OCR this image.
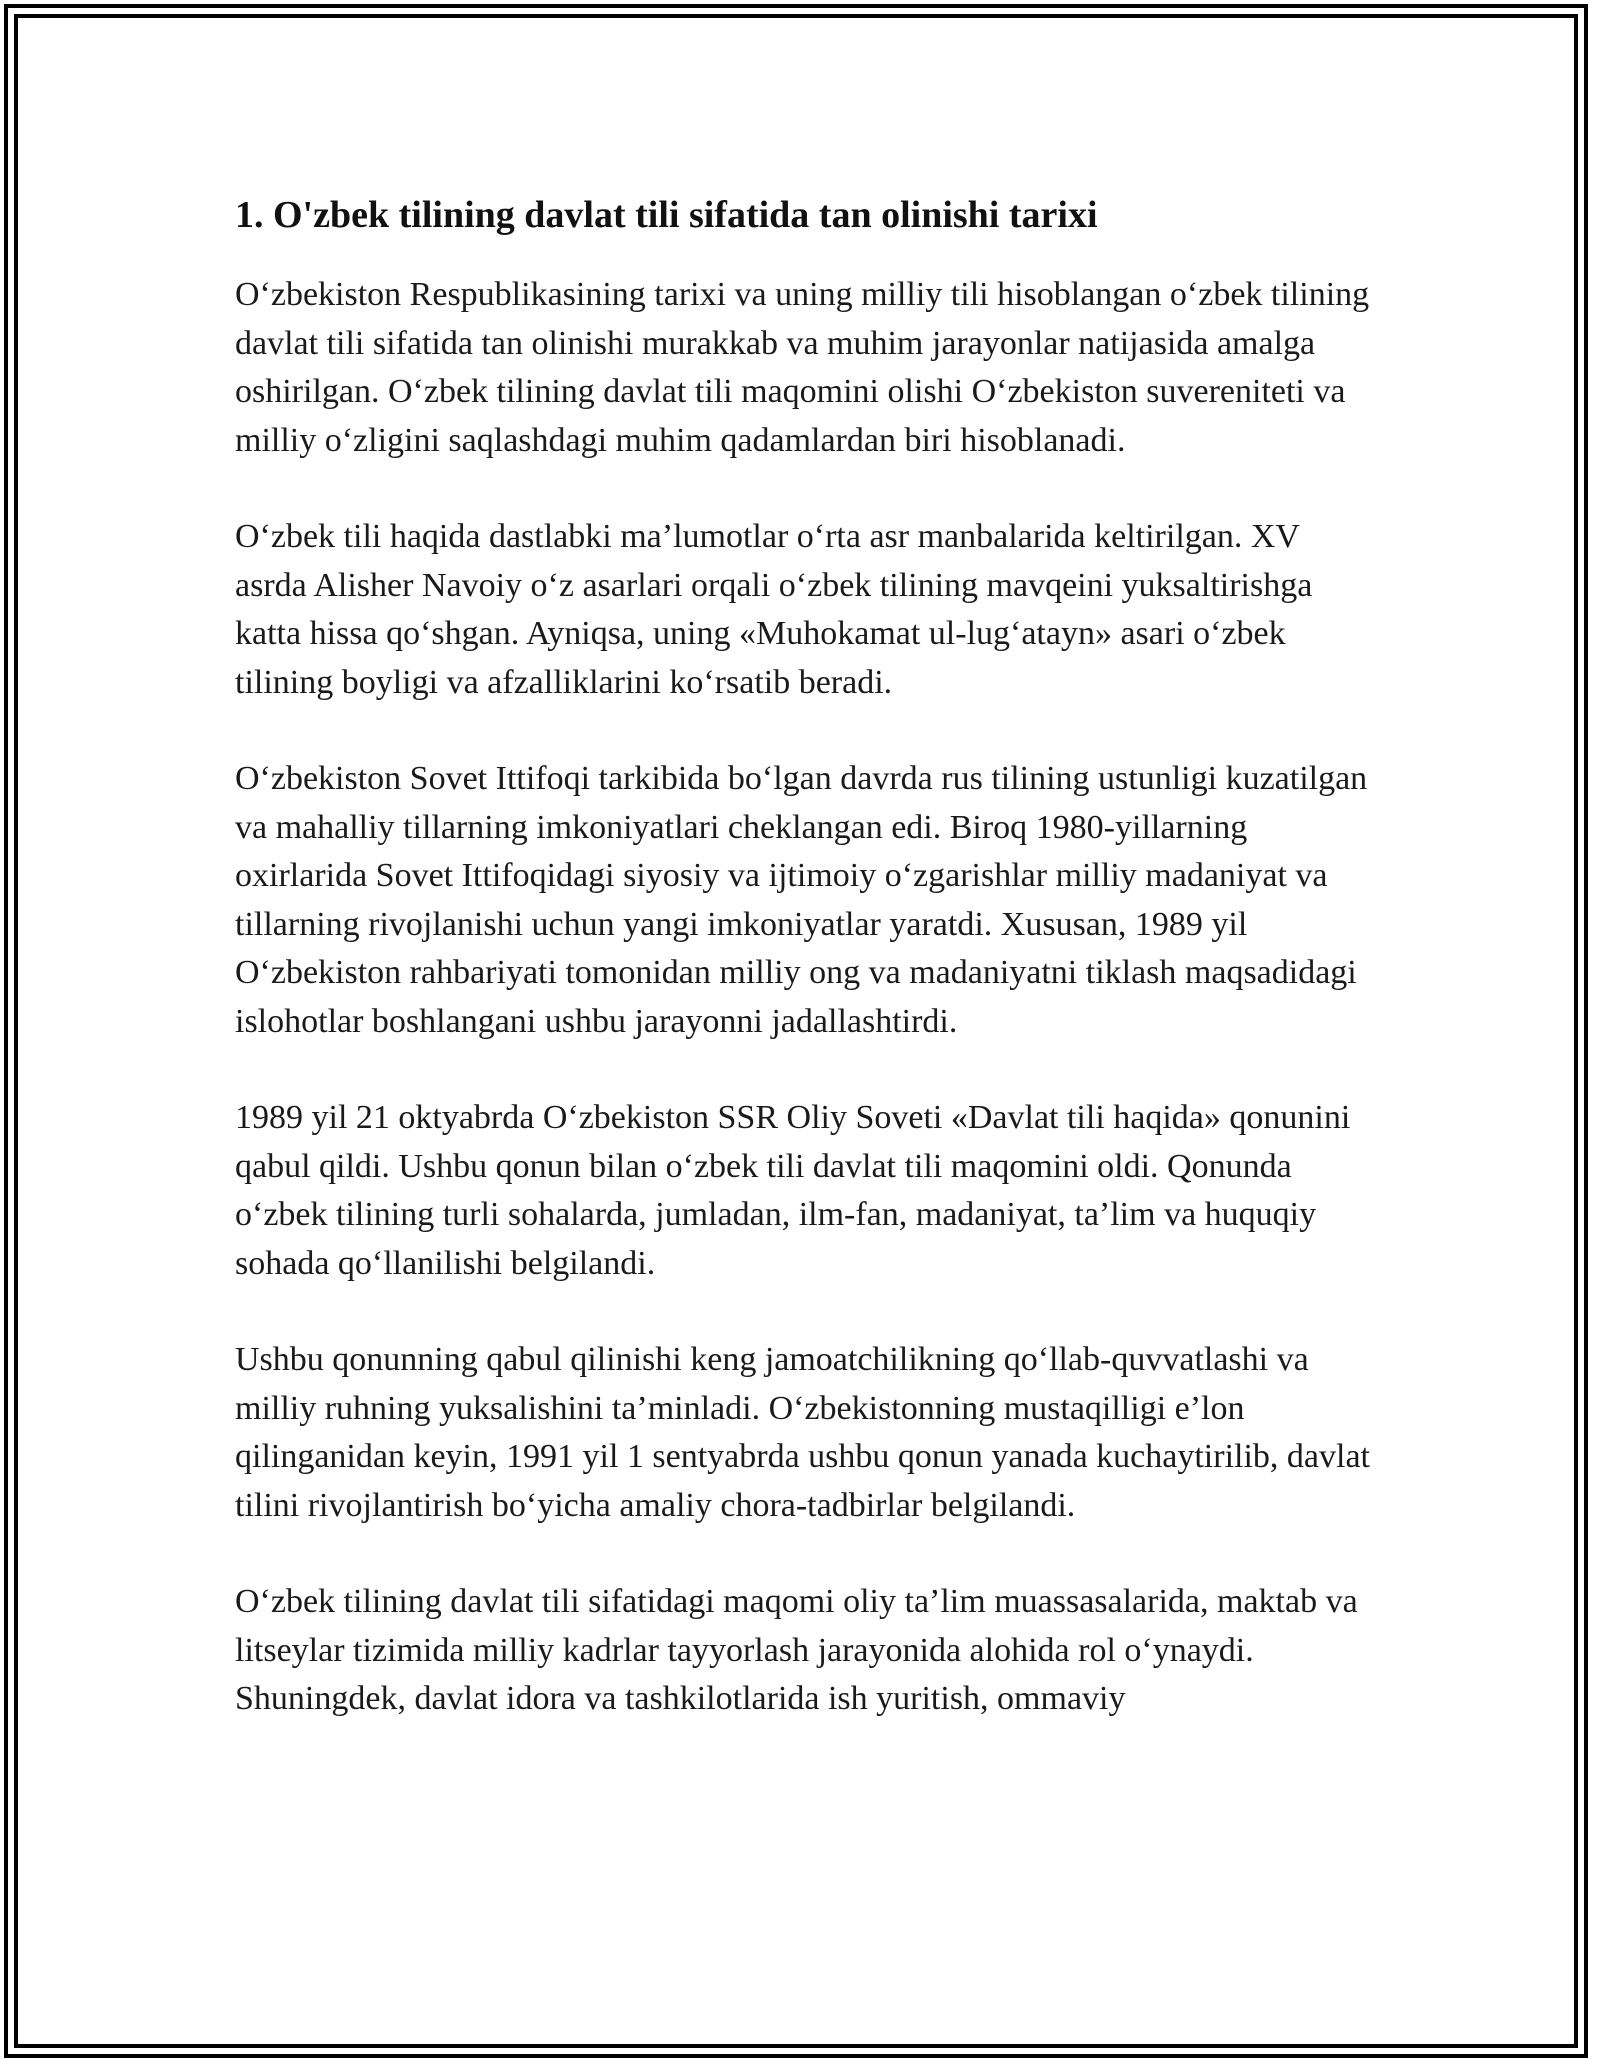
1. O'zbek tilining davlat tili sifatida tan olinishi tarixi

O‘zbekiston Respublikasining tarixi va uning milliy tili hisoblangan o‘zbek tilining davlat tili sifatida tan olinishi murakkab va muhim jarayonlar natijasida amalga oshirilgan. O‘zbek tilining davlat tili maqomini olishi O‘zbekiston suvereniteti va milliy o‘zligini saqlashdagi muhim qadamlardan biri hisoblanadi.

O‘zbek tili haqida dastlabki ma’lumotlar o‘rta asr manbalarida keltirilgan. XV asrda Alisher Navoiy o‘z asarlari orqali o‘zbek tilining mavqeini yuksaltirishga katta hissa qo‘shgan. Ayniqsa, uning «Muhokamat ul-lug‘atayn» asari o‘zbek tilining boyligi va afzalliklarini ko‘rsatib beradi.

O‘zbekiston Sovet Ittifoqi tarkibida bo‘lgan davrda rus tilining ustunligi kuzatilgan va mahalliy tillarning imkoniyatlari cheklangan edi. Biroq 1980-yillarning oxirlarida Sovet Ittifoqidagi siyosiy va ijtimoiy o‘zgarishlar milliy madaniyat va tillarning rivojlanishi uchun yangi imkoniyatlar yaratdi. Xususan, 1989 yil O‘zbekiston rahbariyati tomonidan milliy ong va madaniyatni tiklash maqsadidagi islohotlar boshlangani ushbu jarayonni jadallashtirdi.

1989 yil 21 oktyabrda O‘zbekiston SSR Oliy Soveti «Davlat tili haqida» qonunini qabul qildi. Ushbu qonun bilan o‘zbek tili davlat tili maqomini oldi. Qonunda o‘zbek tilining turli sohalarda, jumladan, ilm-fan, madaniyat, ta’lim va huquqiy sohada qo‘llanilishi belgilandi.

Ushbu qonunning qabul qilinishi keng jamoatchilikning qo‘llab-quvvatlashi va milliy ruhning yuksalishini ta’minladi. O‘zbekistonning mustaqilligi e’lon qilinganidan keyin, 1991 yil 1 sentyabrda ushbu qonun yanada kuchaytirilib, davlat tilini rivojlantirish bo‘yicha amaliy chora-tadbirlar belgilandi.

O‘zbek tilining davlat tili sifatidagi maqomi oliy ta’lim muassasalarida, maktab va litseylar tizimida milliy kadrlar tayyorlash jarayonida alohida rol o‘ynaydi. Shuningdek, davlat idora va tashkilotlarida ish yuritish, ommaviy
